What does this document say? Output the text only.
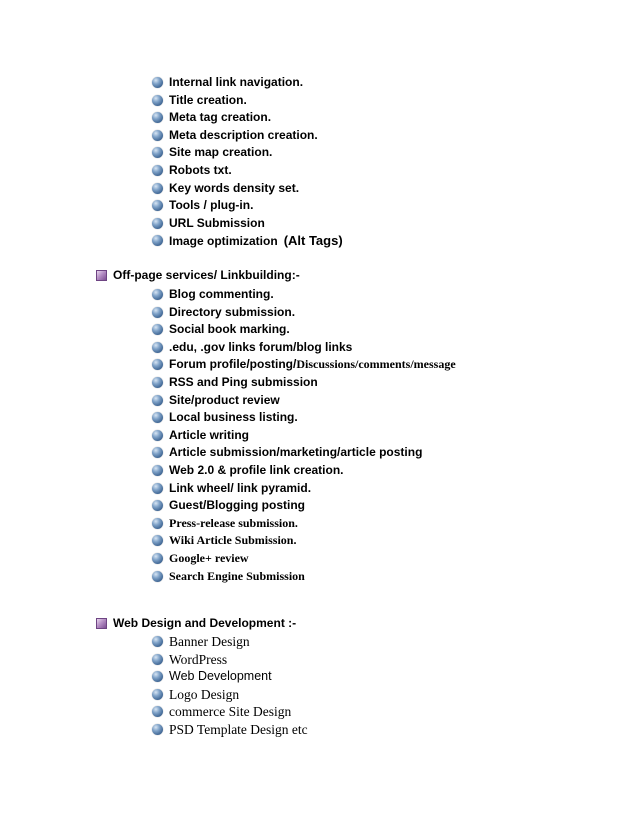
Internal link navigation.
Title creation.
Meta tag creation.
Meta description creation.
Site map creation.
Robots txt.
Key words density set.
Tools / plug-in.
URL Submission
Image optimization (Alt Tags)
Off-page services/ Linkbuilding:-
Blog commenting.
Directory submission.
Social book marking.
.edu, .gov links forum/blog links
Forum profile/posting/Discussions/comments/message
RSS and Ping submission
Site/product review
Local business listing.
Article writing
Article submission/marketing/article posting
Web 2.0 & profile link creation.
Link wheel/ link pyramid.
Guest/Blogging posting
Press-release submission.
Wiki Article Submission.
Google+ review
Search Engine Submission
Web Design and Development :-
Banner Design
WordPress
Web Development
Logo Design
commerce Site Design
PSD Template Design etc
